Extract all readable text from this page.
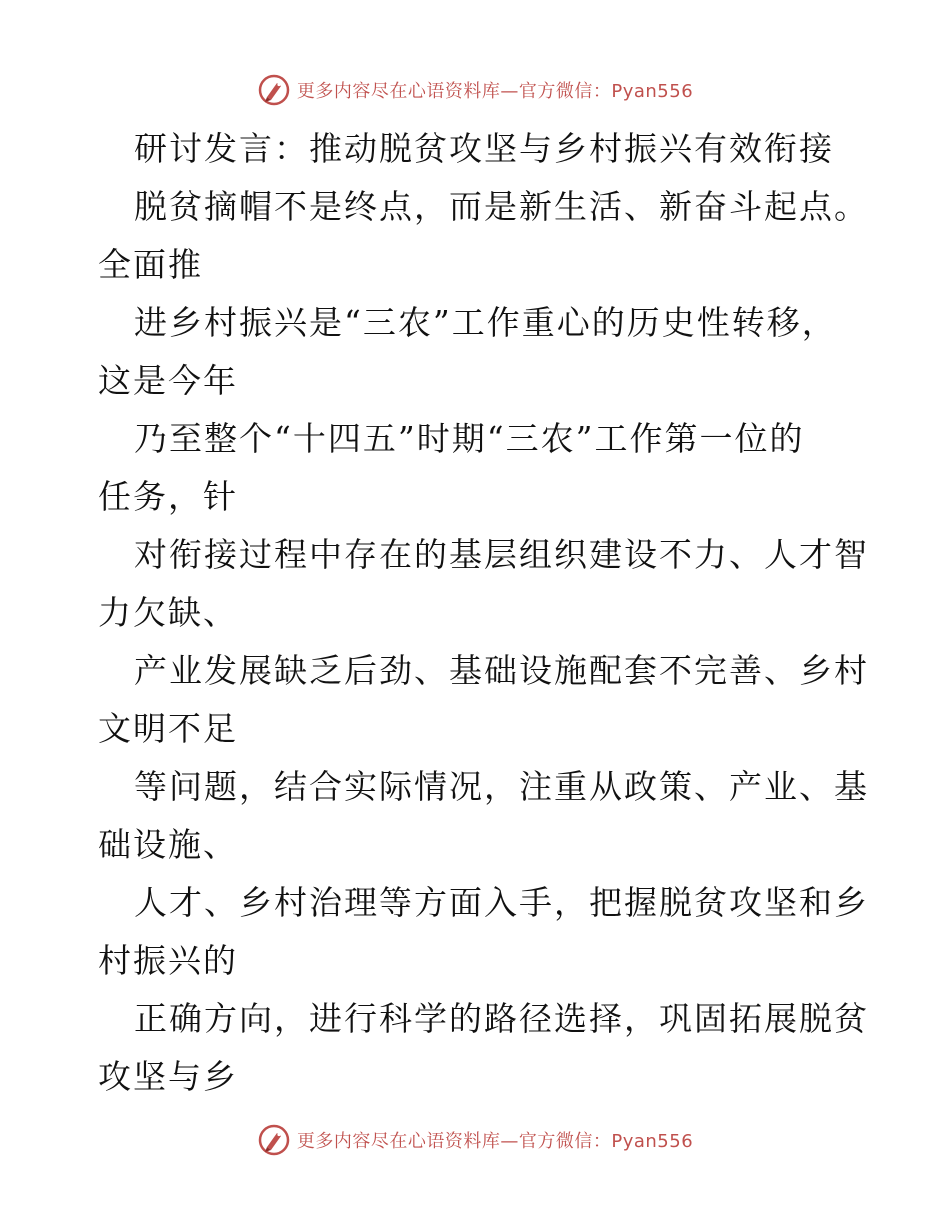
更多内容尽在心语资料库—官方微信：Pyan556
研讨发言：推动脱贫攻坚与乡村振兴有效衔接
脱贫摘帽不是终点，而是新生活、新奋斗起点。
全面推
进乡村振兴是“三农”工作重心的历史性转移，
这是今年
乃至整个“十四五”时期“三农”工作第一位的
任务，针
对衔接过程中存在的基层组织建设不力、人才智
力欠缺、
产业发展缺乏后劲、基础设施配套不完善、乡村
文明不足
等问题，结合实际情况，注重从政策、产业、基
础设施、
人才、乡村治理等方面入手，把握脱贫攻坚和乡
村振兴的
正确方向，进行科学的路径选择，巩固拓展脱贫
攻坚与乡
更多内容尽在心语资料库—官方微信：Pyan556
